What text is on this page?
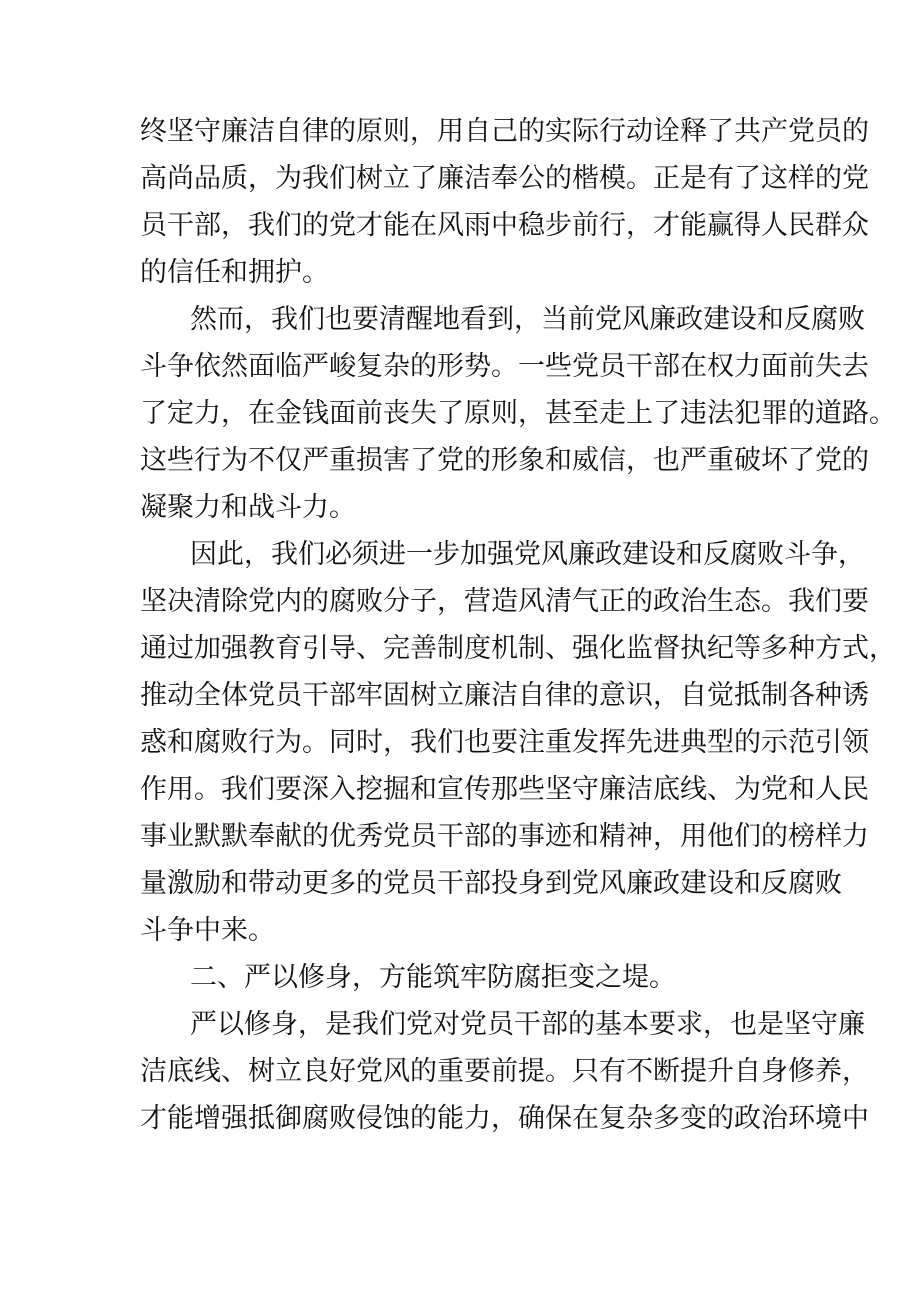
终坚守廉洁自律的原则，用自己的实际行动诠释了共产党员的
高尚品质，为我们树立了廉洁奉公的楷模。正是有了这样的党
员干部，我们的党才能在风雨中稳步前行，才能赢得人民群众
的信任和拥护。
然而，我们也要清醒地看到，当前党风廉政建设和反腐败
斗争依然面临严峻复杂的形势。一些党员干部在权力面前失去
了定力，在金钱面前丧失了原则，甚至走上了违法犯罪的道路。
这些行为不仅严重损害了党的形象和威信，也严重破坏了党的
凝聚力和战斗力。
因此，我们必须进一步加强党风廉政建设和反腐败斗争，
坚决清除党内的腐败分子，营造风清气正的政治生态。我们要
通过加强教育引导、完善制度机制、强化监督执纪等多种方式，
推动全体党员干部牢固树立廉洁自律的意识，自觉抵制各种诱
惑和腐败行为。同时，我们也要注重发挥先进典型的示范引领
作用。我们要深入挖掘和宣传那些坚守廉洁底线、为党和人民
事业默默奉献的优秀党员干部的事迹和精神，用他们的榜样力
量激励和带动更多的党员干部投身到党风廉政建设和反腐败
斗争中来。
二、严以修身，方能筑牢防腐拒变之堤。
严以修身，是我们党对党员干部的基本要求，也是坚守廉
洁底线、树立良好党风的重要前提。只有不断提升自身修养，
才能增强抵御腐败侵蚀的能力，确保在复杂多变的政治环境中
